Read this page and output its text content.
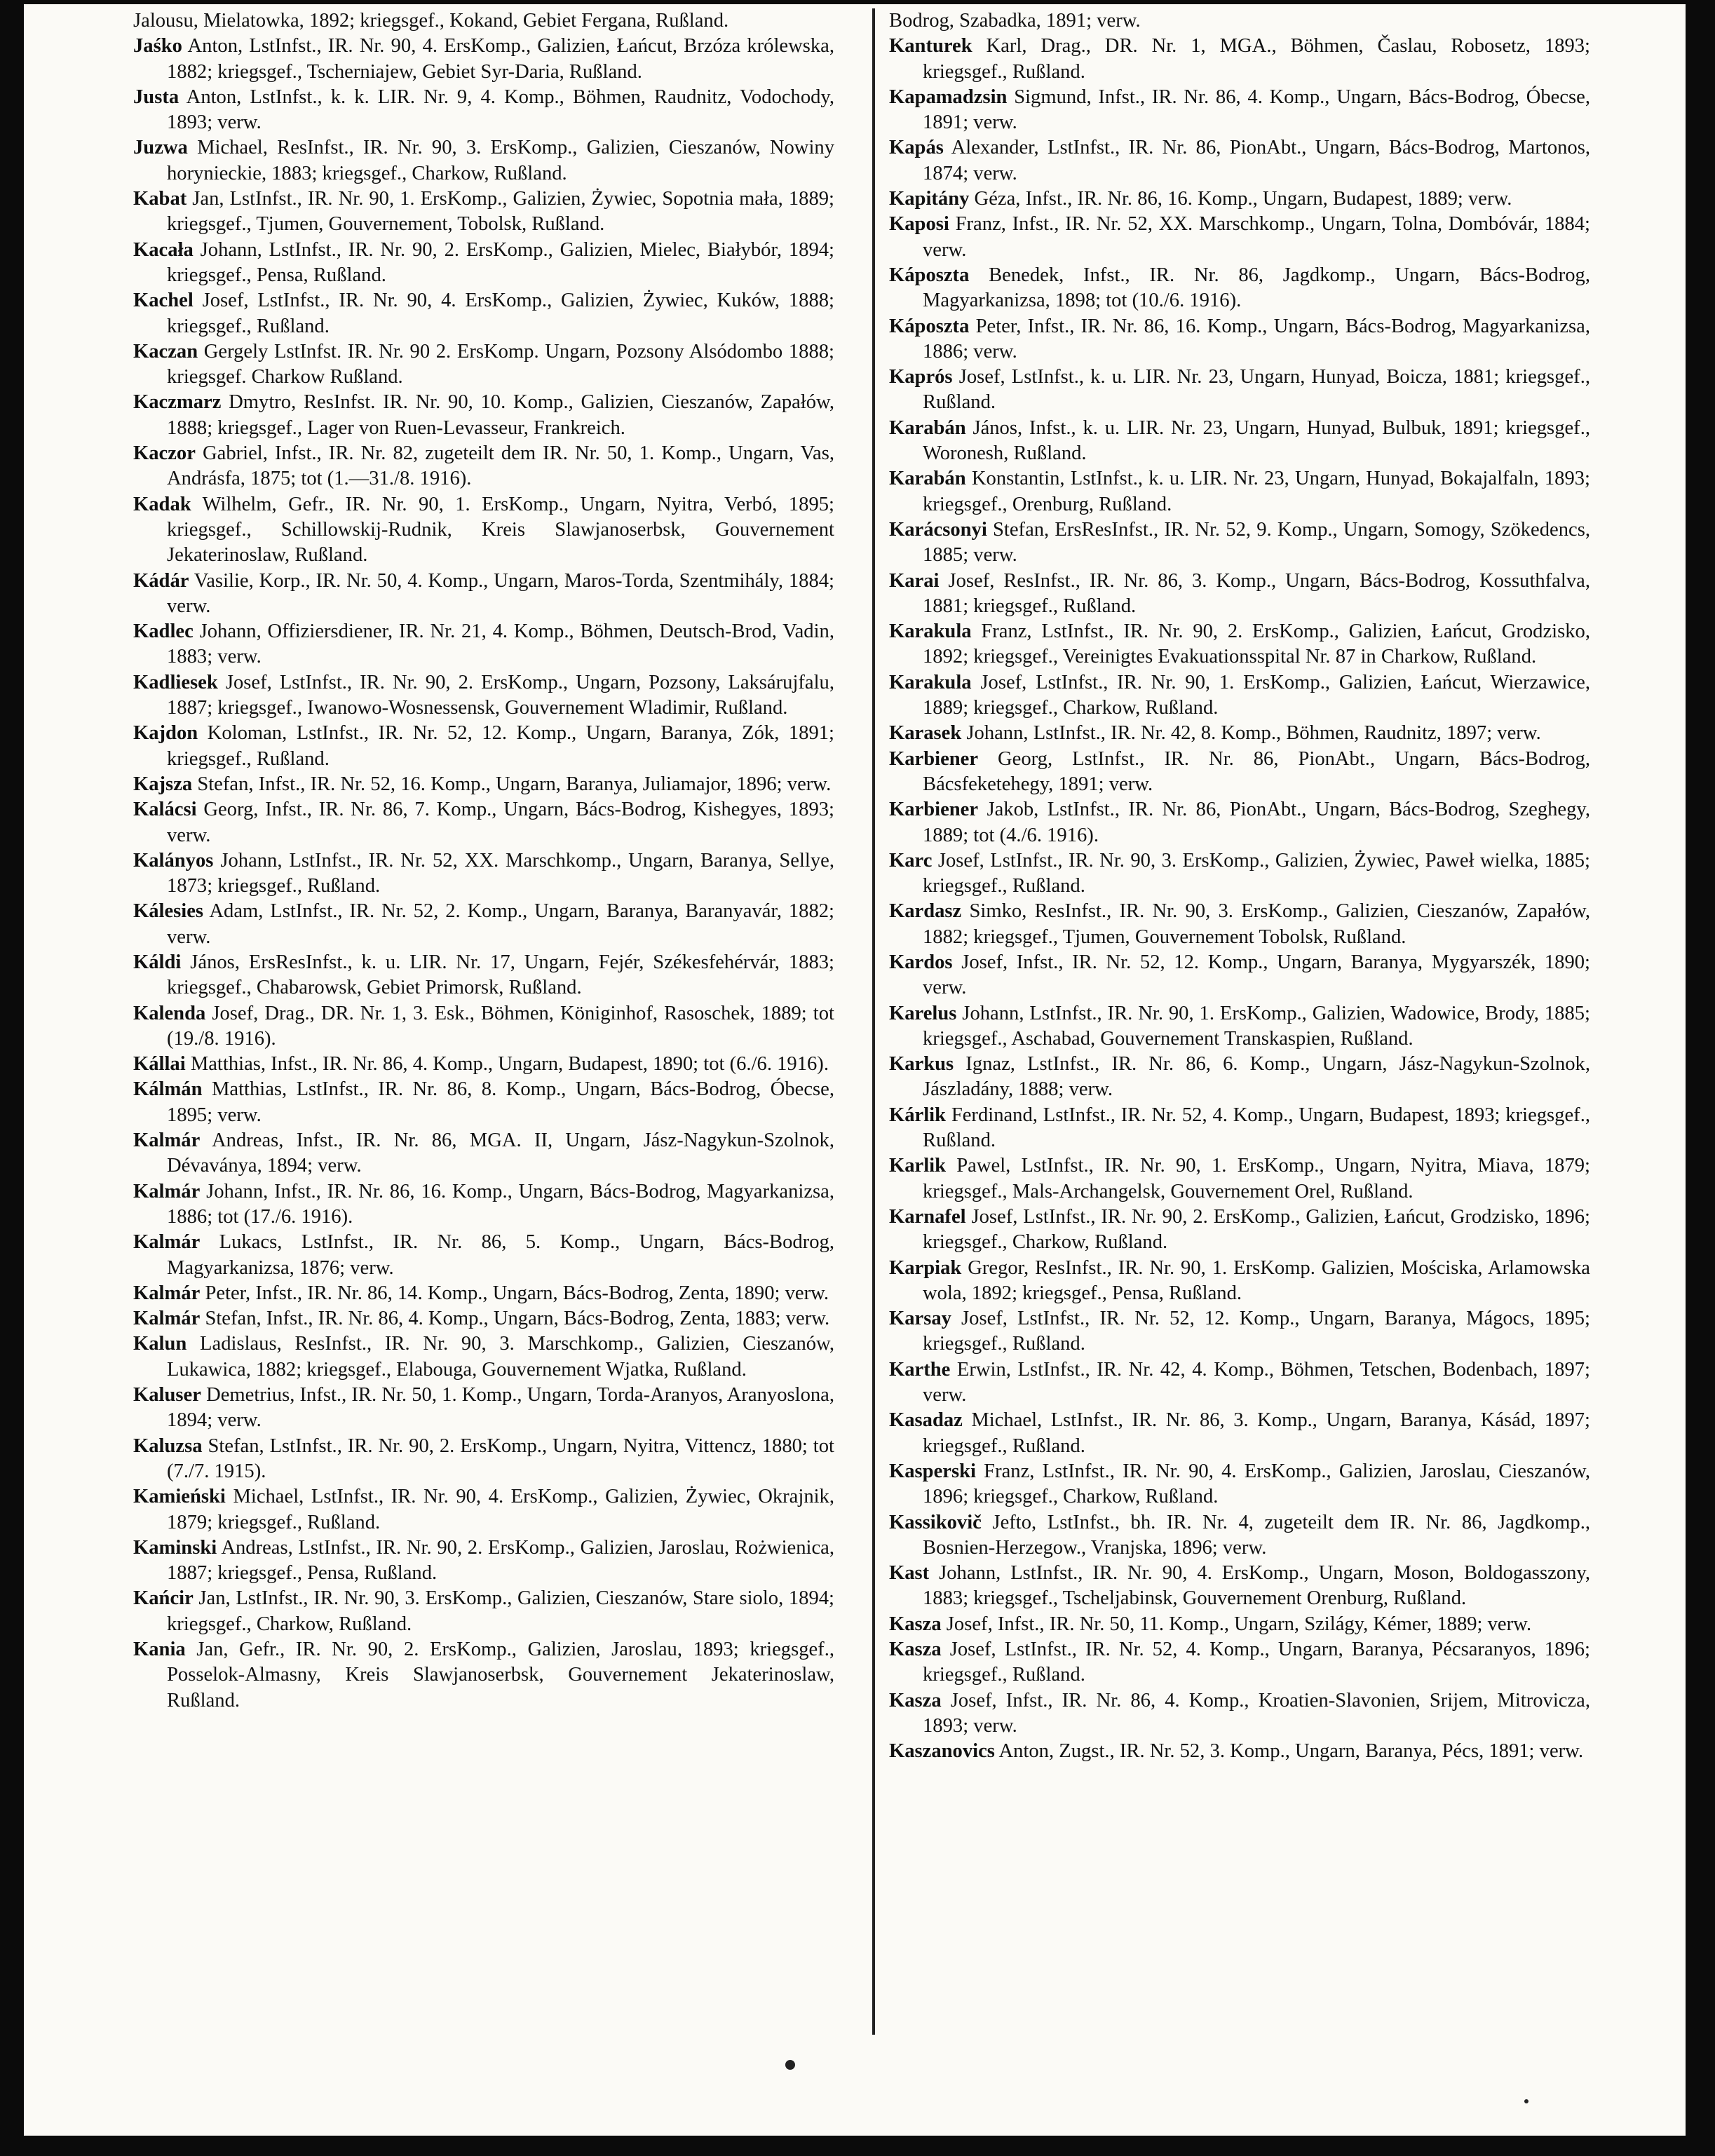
Jalousu, Mielatowka, 1892; kriegsgef., Kokand, Gebiet Fergana, Rußland.

Jaśko Anton, LstInfst., IR. Nr. 90, 4. ErsKomp., Galizien, Łańcut, Brzóza królewska, 1882; kriegsgef., Tscherniajew, Gebiet Syr-Daria, Rußland.

Justa Anton, LstInfst., k. k. LIR. Nr. 9, 4. Komp., Böhmen, Raudnitz, Vodochody, 1893; verw.

Juzwa Michael, ResInfst., IR. Nr. 90, 3. ErsKomp., Galizien, Cieszanów, Nowiny horynieckie, 1883; kriegsgef., Charkow, Rußland.

Kabat Jan, LstInfst., IR. Nr. 90, 1. ErsKomp., Galizien, Żywiec, Sopotnia mała, 1889; kriegsgef., Tjumen, Gouvernement, Tobolsk, Rußland.

Kacała Johann, LstInfst., IR. Nr. 90, 2. ErsKomp., Galizien, Mielec, Białybór, 1894; kriegsgef., Pensa, Rußland.

Kachel Josef, LstInfst., IR. Nr. 90, 4. ErsKomp., Galizien, Żywiec, Kuków, 1888; kriegsgef., Rußland.

Kaczan Gergely LstInfst. IR. Nr. 90 2. ErsKomp. Ungarn, Pozsony Alsódombo 1888; kriegsgef. Charkow Rußland.

Kaczmarz Dmytro, ResInfst. IR. Nr. 90, 10. Komp., Galizien, Cieszanów, Zapałów, 1888; kriegsgef., Lager von Ruen-Levasseur, Frankreich.

Kaczor Gabriel, Infst., IR. Nr. 82, zugeteilt dem IR. Nr. 50, 1. Komp., Ungarn, Vas, Andrásfa, 1875; tot (1.—31./8. 1916).

Kadak Wilhelm, Gefr., IR. Nr. 90, 1. ErsKomp., Ungarn, Nyitra, Verbó, 1895; kriegsgef., Schillowskij-Rudnik, Kreis Slawjanoserbsk, Gouvernement Jekaterinoslaw, Rußland.

Kádár Vasilie, Korp., IR. Nr. 50, 4. Komp., Ungarn, Maros-Torda, Szentmihály, 1884; verw.

Kadlec Johann, Offiziersdiener, IR. Nr. 21, 4. Komp., Böhmen, Deutsch-Brod, Vadin, 1883; verw.

Kadliesek Josef, LstInfst., IR. Nr. 90, 2. ErsKomp., Ungarn, Pozsony, Laksárujfalu, 1887; kriegsgef., Iwanowo-Wosnessensk, Gouvernement Wladimir, Rußland.

Kajdon Koloman, LstInfst., IR. Nr. 52, 12. Komp., Ungarn, Baranya, Zók, 1891; kriegsgef., Rußland.

Kajsza Stefan, Infst., IR. Nr. 52, 16. Komp., Ungarn, Baranya, Juliamajor, 1896; verw.

Kalácsi Georg, Infst., IR. Nr. 86, 7. Komp., Ungarn, Bács-Bodrog, Kishegyes, 1893; verw.

Kalányos Johann, LstInfst., IR. Nr. 52, XX. Marschkomp., Ungarn, Baranya, Sellye, 1873; kriegsgef., Rußland.

Kálesies Adam, LstInfst., IR. Nr. 52, 2. Komp., Ungarn, Baranya, Baranyavár, 1882; verw.

Káldi János, ErsResInfst., k. u. LIR. Nr. 17, Ungarn, Fejér, Székesfehérvár, 1883; kriegsgef., Chabarowsk, Gebiet Primorsk, Rußland.

Kalenda Josef, Drag., DR. Nr. 1, 3. Esk., Böhmen, Königinhof, Rasoschek, 1889; tot (19./8. 1916).

Kállai Matthias, Infst., IR. Nr. 86, 4. Komp., Ungarn, Budapest, 1890; tot (6./6. 1916).

Kálmán Matthias, LstInfst., IR. Nr. 86, 8. Komp., Ungarn, Bács-Bodrog, Óbecse, 1895; verw.

Kalmár Andreas, Infst., IR. Nr. 86, MGA. II, Ungarn, Jász-Nagykun-Szolnok, Dévaványa, 1894; verw.

Kalmár Johann, Infst., IR. Nr. 86, 16. Komp., Ungarn, Bács-Bodrog, Magyarkanizsa, 1886; tot (17./6. 1916).

Kalmár Lukacs, LstInfst., IR. Nr. 86, 5. Komp., Ungarn, Bács-Bodrog, Magyarkanizsa, 1876; verw.

Kalmár Peter, Infst., IR. Nr. 86, 14. Komp., Ungarn, Bács-Bodrog, Zenta, 1890; verw.

Kalmár Stefan, Infst., IR. Nr. 86, 4. Komp., Ungarn, Bács-Bodrog, Zenta, 1883; verw.

Kalun Ladislaus, ResInfst., IR. Nr. 90, 3. Marschkomp., Galizien, Cieszanów, Lukawica, 1882; kriegsgef., Elabouga, Gouvernement Wjatka, Rußland.

Kaluser Demetrius, Infst., IR. Nr. 50, 1. Komp., Ungarn, Torda-Aranyos, Aranyoslona, 1894; verw.

Kaluzsa Stefan, LstInfst., IR. Nr. 90, 2. ErsKomp., Ungarn, Nyitra, Vittencz, 1880; tot (7./7. 1915).

Kamieński Michael, LstInfst., IR. Nr. 90, 4. ErsKomp., Galizien, Żywiec, Okrajnik, 1879; kriegsgef., Rußland.

Kaminski Andreas, LstInfst., IR. Nr. 90, 2. ErsKomp., Galizien, Jaroslau, Rożwienica, 1887; kriegsgef., Pensa, Rußland.

Kańcir Jan, LstInfst., IR. Nr. 90, 3. ErsKomp., Galizien, Cieszanów, Stare siolo, 1894; kriegsgef., Charkow, Rußland.

Kania Jan, Gefr., IR. Nr. 90, 2. ErsKomp., Galizien, Jaroslau, 1893; kriegsgef., Posselok-Almasny, Kreis Slawjanoserbsk, Gouvernement Jekaterinoslaw, Rußland.

Bodrog, Szabadka, 1891; verw.

Kanturek Karl, Drag., DR. Nr. 1, MGA., Böhmen, Časlau, Robosetz, 1893; kriegsgef., Rußland.

Kapamadzsin Sigmund, Infst., IR. Nr. 86, 4. Komp., Ungarn, Bács-Bodrog, Óbecse, 1891; verw.

Kapás Alexander, LstInfst., IR. Nr. 86, PionAbt., Ungarn, Bács-Bodrog, Martonos, 1874; verw.

Kapitány Géza, Infst., IR. Nr. 86, 16. Komp., Ungarn, Budapest, 1889; verw.

Kaposi Franz, Infst., IR. Nr. 52, XX. Marschkomp., Ungarn, Tolna, Dombóvár, 1884; verw.

Káposzta Benedek, Infst., IR. Nr. 86, Jagdkomp., Ungarn, Bács-Bodrog, Magyarkanizsa, 1898; tot (10./6. 1916).

Káposzta Peter, Infst., IR. Nr. 86, 16. Komp., Ungarn, Bács-Bodrog, Magyarkanizsa, 1886; verw.

Kaprós Josef, LstInfst., k. u. LIR. Nr. 23, Ungarn, Hunyad, Boicza, 1881; kriegsgef., Rußland.

Karabán János, Infst., k. u. LIR. Nr. 23, Ungarn, Hunyad, Bulbuk, 1891; kriegsgef., Woronesh, Rußland.

Karabán Konstantin, LstInfst., k. u. LIR. Nr. 23, Ungarn, Hunyad, Bokajalfaln, 1893; kriegsgef., Orenburg, Rußland.

Karácsonyi Stefan, ErsResInfst., IR. Nr. 52, 9. Komp., Ungarn, Somogy, Szökedencs, 1885; verw.

Karai Josef, ResInfst., IR. Nr. 86, 3. Komp., Ungarn, Bács-Bodrog, Kossuthfalva, 1881; kriegsgef., Rußland.

Karakula Franz, LstInfst., IR. Nr. 90, 2. ErsKomp., Galizien, Łańcut, Grodzisko, 1892; kriegsgef., Vereinigtes Evakuationsspital Nr. 87 in Charkow, Rußland.

Karakula Josef, LstInfst., IR. Nr. 90, 1. ErsKomp., Galizien, Łańcut, Wierzawice, 1889; kriegsgef., Charkow, Rußland.

Karasek Johann, LstInfst., IR. Nr. 42, 8. Komp., Böhmen, Raudnitz, 1897; verw.

Karbiener Georg, LstInfst., IR. Nr. 86, PionAbt., Ungarn, Bács-Bodrog, Bácsfeketehegy, 1891; verw.

Karbiener Jakob, LstInfst., IR. Nr. 86, PionAbt., Ungarn, Bács-Bodrog, Szeghegy, 1889; tot (4./6. 1916).

Karc Josef, LstInfst., IR. Nr. 90, 3. ErsKomp., Galizien, Żywiec, Paweł wielka, 1885; kriegsgef., Rußland.

Kardasz Simko, ResInfst., IR. Nr. 90, 3. ErsKomp., Galizien, Cieszanów, Zapałów, 1882; kriegsgef., Tjumen, Gouvernement Tobolsk, Rußland.

Kardos Josef, Infst., IR. Nr. 52, 12. Komp., Ungarn, Baranya, Mygyarszék, 1890; verw.

Karelus Johann, LstInfst., IR. Nr. 90, 1. ErsKomp., Galizien, Wadowice, Brody, 1885; kriegsgef., Aschabad, Gouvernement Transkaspien, Rußland.

Karkus Ignaz, LstInfst., IR. Nr. 86, 6. Komp., Ungarn, Jász-Nagykun-Szolnok, Jászladány, 1888; verw.

Kárlik Ferdinand, LstInfst., IR. Nr. 52, 4. Komp., Ungarn, Budapest, 1893; kriegsgef., Rußland.

Karlik Pawel, LstInfst., IR. Nr. 90, 1. ErsKomp., Ungarn, Nyitra, Miava, 1879; kriegsgef., Mals-Archangelsk, Gouvernement Orel, Rußland.

Karnafel Josef, LstInfst., IR. Nr. 90, 2. ErsKomp., Galizien, Łańcut, Grodzisko, 1896; kriegsgef., Charkow, Rußland.

Karpiak Gregor, ResInfst., IR. Nr. 90, 1. ErsKomp. Galizien, Mościska, Arlamowska wola, 1892; kriegsgef., Pensa, Rußland.

Karsay Josef, LstInfst., IR. Nr. 52, 12. Komp., Ungarn, Baranya, Mágocs, 1895; kriegsgef., Rußland.

Karthe Erwin, LstInfst., IR. Nr. 42, 4. Komp., Böhmen, Tetschen, Bodenbach, 1897; verw.

Kasadaz Michael, LstInfst., IR. Nr. 86, 3. Komp., Ungarn, Baranya, Kásád, 1897; kriegsgef., Rußland.

Kasperski Franz, LstInfst., IR. Nr. 90, 4. ErsKomp., Galizien, Jaroslau, Cieszanów, 1896; kriegsgef., Charkow, Rußland.

Kassikovič Jefto, LstInfst., bh. IR. Nr. 4, zugeteilt dem IR. Nr. 86, Jagdkomp., Bosnien-Herzegow., Vranjska, 1896; verw.

Kast Johann, LstInfst., IR. Nr. 90, 4. ErsKomp., Ungarn, Moson, Boldogasszony, 1883; kriegsgef., Tscheljabinsk, Gouvernement Orenburg, Rußland.

Kasza Josef, Infst., IR. Nr. 50, 11. Komp., Ungarn, Szilágy, Kémer, 1889; verw.

Kasza Josef, LstInfst., IR. Nr. 52, 4. Komp., Ungarn, Baranya, Pécsaranyos, 1896; kriegsgef., Rußland.

Kasza Josef, Infst., IR. Nr. 86, 4. Komp., Kroatien-Slavonien, Srijem, Mitrovicza, 1893; verw.

Kaszanovics Anton, Zugst., IR. Nr. 52, 3. Komp., Ungarn, Baranya, Pécs, 1891; verw.
